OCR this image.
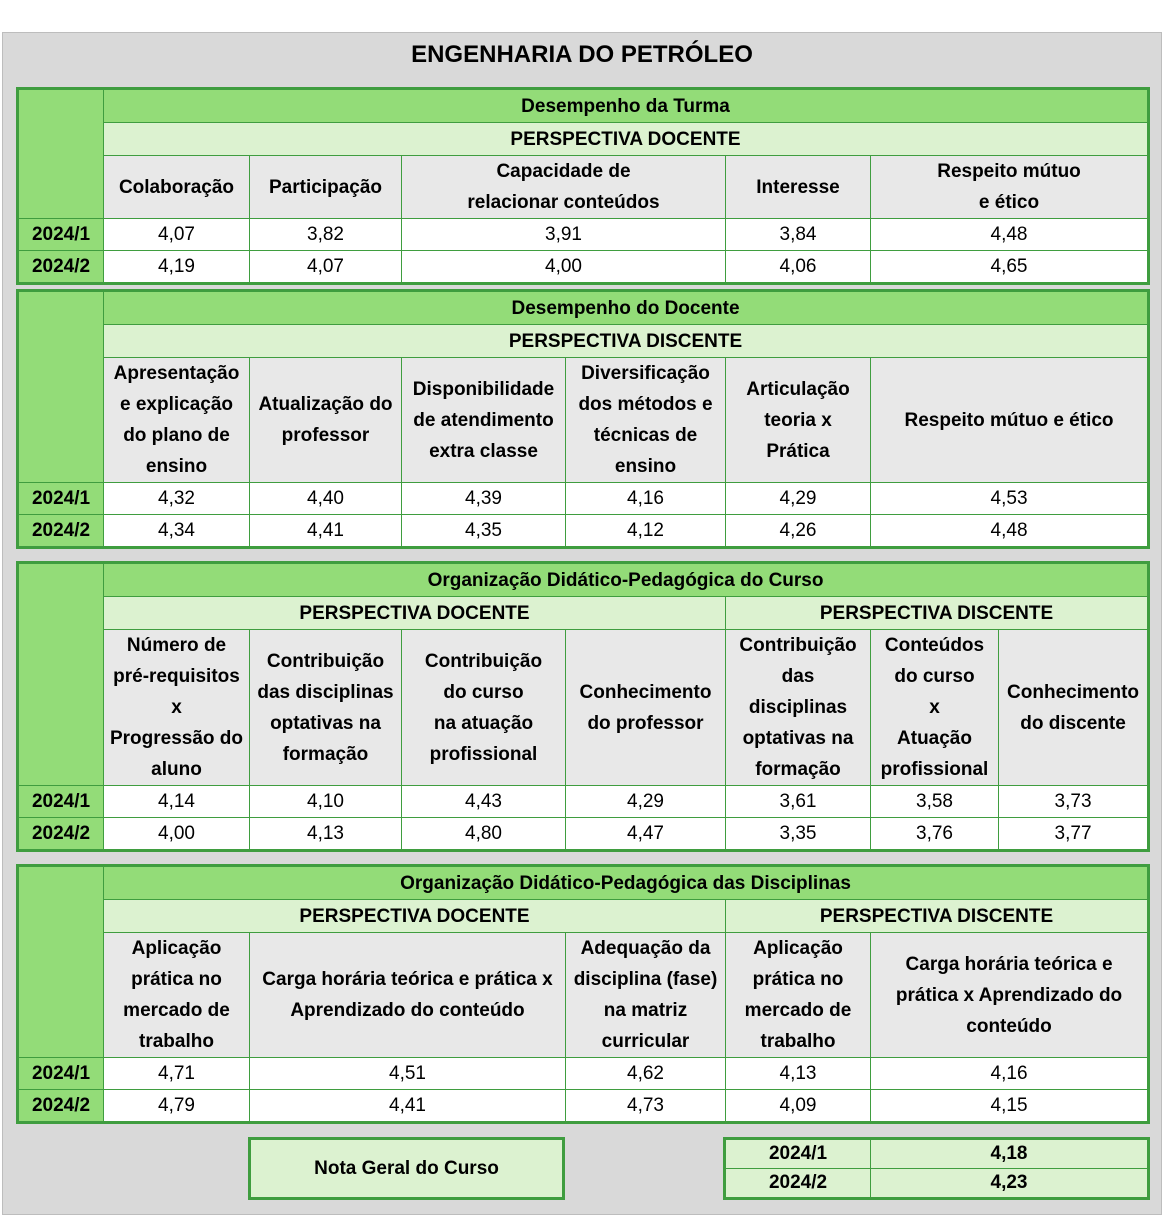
ENGENHARIA DO PETRÓLEO
	Desempenho da Turma				
	PERSPECTIVA DOCENTE				
	Colaboração	Participação	Capacidade de
relacionar conteúdos	Interesse	Respeito mútuo
e ético
2024/1	4,07	3,82	3,91	3,84	4,48
2024/2	4,19	4,07	4,00	4,06	4,65
	Desempenho do Docente					
	PERSPECTIVA DISCENTE					
	Apresentação
e explicação
do plano de
ensino	Atualização do
professor	Disponibilidade
de atendimento
extra classe	Diversificação
dos métodos e
técnicas de
ensino	Articulação
teoria x
Prática	Respeito mútuo e ético
2024/1	4,32	4,40	4,39	4,16	4,29	4,53
2024/2	4,34	4,41	4,35	4,12	4,26	4,48
	Organização Didático-Pedagógica do Curso						
	PERSPECTIVA DOCENTE				PERSPECTIVA DISCENTE		
	Número de
pré-requisitos
x
Progressão do
aluno	Contribuição
das disciplinas
optativas na
formação	Contribuição
do curso
na atuação
profissional	Conhecimento
do professor	Contribuição
das
disciplinas
optativas na
formação	Conteúdos
do curso
x
Atuação
profissional	Conhecimento
do discente
2024/1	4,14	4,10	4,43	4,29	3,61	3,58	3,73
2024/2	4,00	4,13	4,80	4,47	3,35	3,76	3,77
	Organização Didático-Pedagógica das Disciplinas				
	PERSPECTIVA DOCENTE			PERSPECTIVA DISCENTE	
	Aplicação
prática no
mercado de
trabalho	Carga horária teórica e prática x
Aprendizado do conteúdo	Adequação da
disciplina (fase)
na matriz
curricular	Aplicação
prática no
mercado de
trabalho	Carga horária teórica e
prática x Aprendizado do
conteúdo
2024/1	4,71	4,51	4,62	4,13	4,16
2024/2	4,79	4,41	4,73	4,09	4,15
Nota Geral do Curso
2024/1	4,18
2024/2	4,23
